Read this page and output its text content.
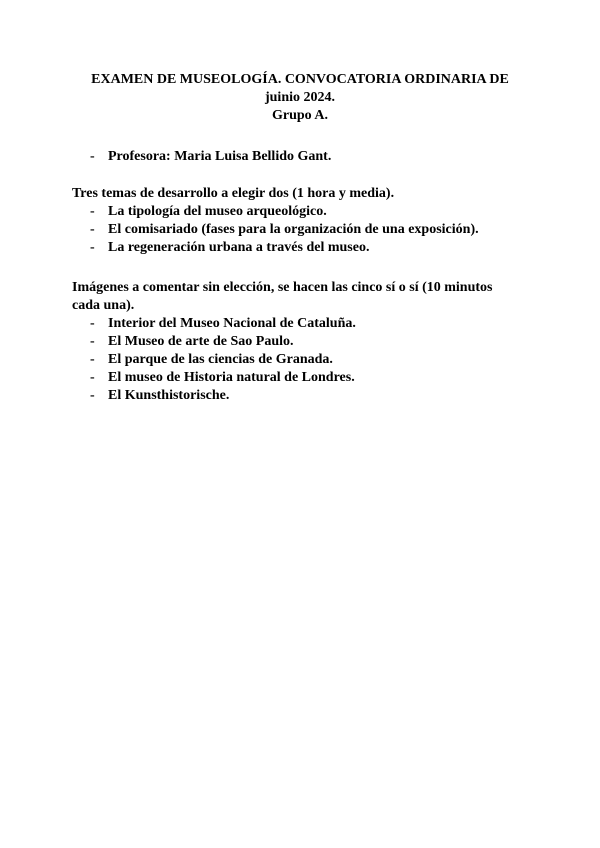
EXAMEN DE MUSEOLOGÍA. CONVOCATORIA ORDINARIA DE
juinio 2024.
Grupo A.
- Profesora: Maria Luisa Bellido Gant.

Tres temas de desarrollo a elegir dos (1 hora y media).

- La tipología del museo arqueológico.
- El comisariado (fases para la organización de una exposición).
- La regeneración urbana a través del museo.

Imágenes a comentar sin elección, se hacen las cinco sí o sí (10 minutos cada una).

- Interior del Museo Nacional de Cataluña.
- El Museo de arte de Sao Paulo.
- El parque de las ciencias de Granada.
- El museo de Historia natural de Londres.
- El Kunsthistorische.
